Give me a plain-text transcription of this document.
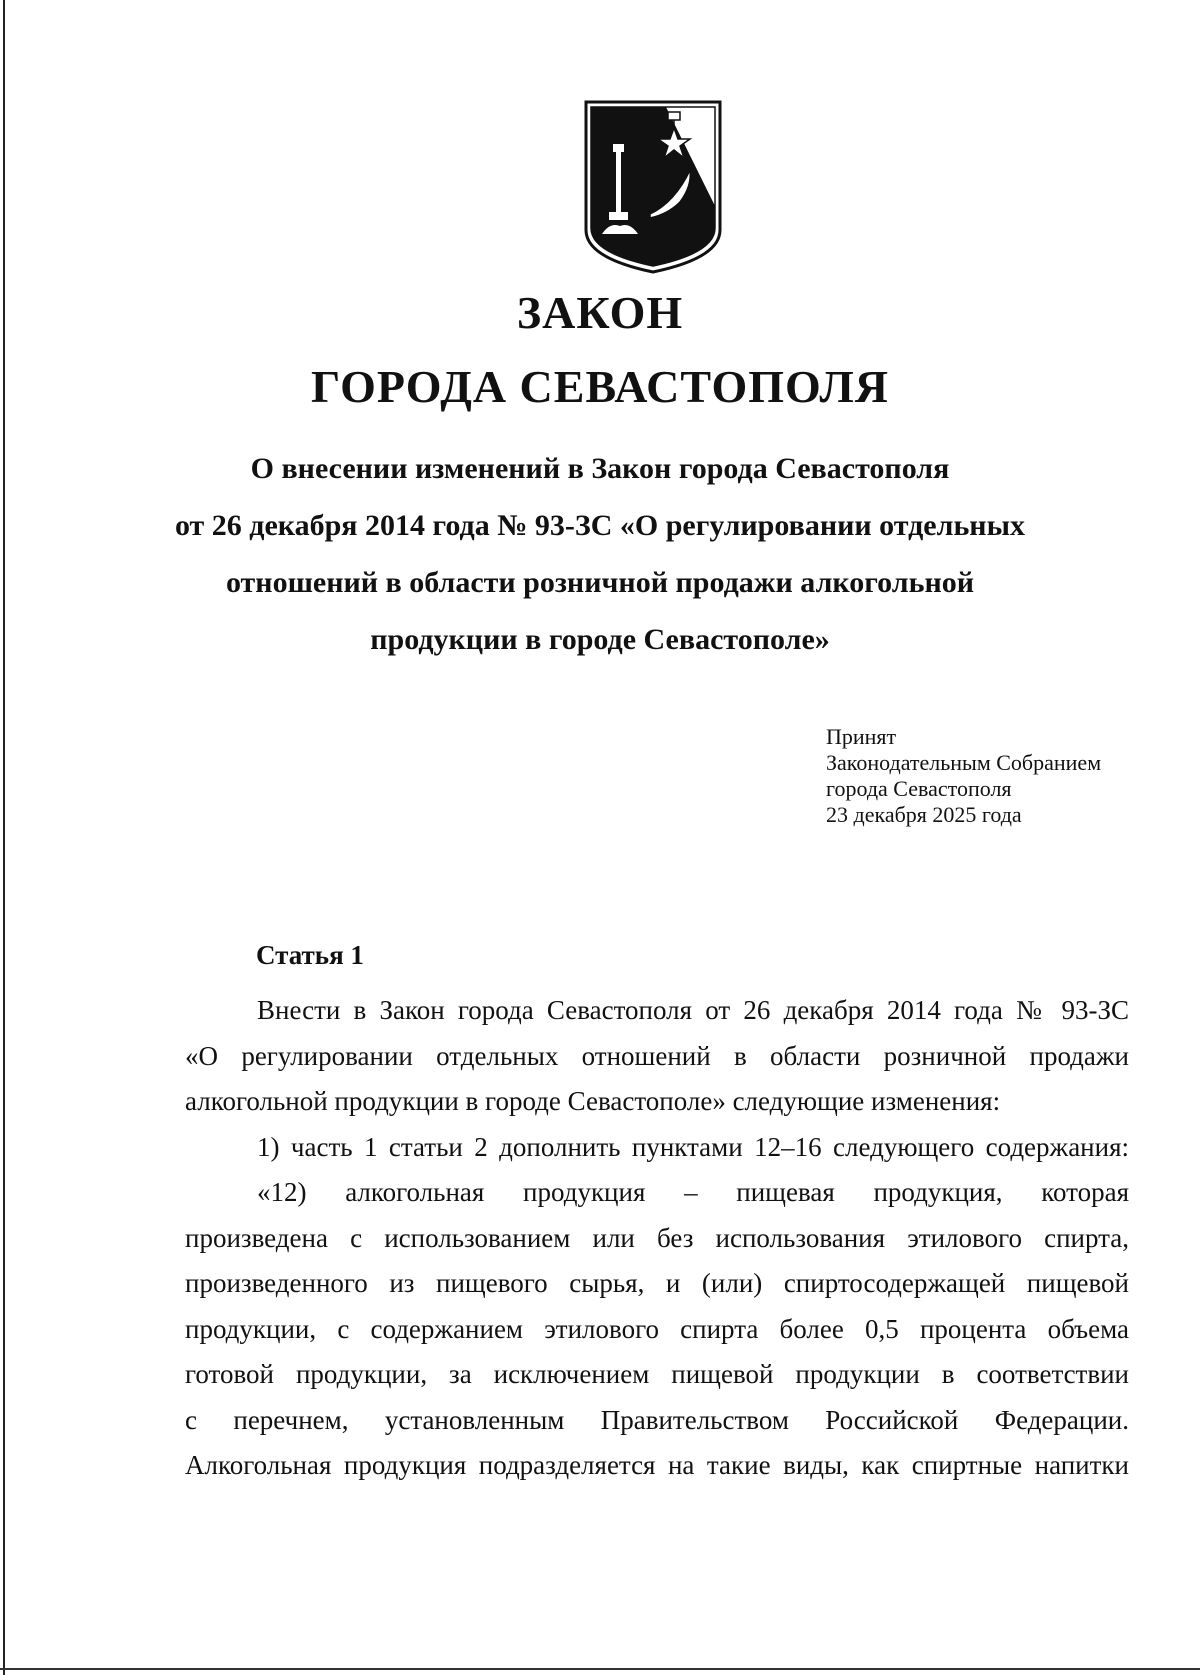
ЗАКОН
ГОРОДА СЕВАСТОПОЛЯ
О внесении изменений в Закон города Севастополя
от 26 декабря 2014 года № 93-ЗС «О регулировании отдельных
отношений в области розничной продажи алкогольной
продукции в городе Севастополе»
Принят
Законодательным Собранием
города Севастополя
23 декабря 2025 года
Статья 1
Внести в Закон города Севастополя от 26 декабря 2014 года № 93-ЗС
«О регулировании отдельных отношений в области розничной продажи
алкогольной продукции в городе Севастополе» следующие изменения:
1) часть 1 статьи 2 дополнить пунктами 12–16 следующего содержания:
«12) алкогольная продукция – пищевая продукция, которая
произведена с использованием или без использования этилового спирта,
произведенного из пищевого сырья, и (или) спиртосодержащей пищевой
продукции, с содержанием этилового спирта более 0,5 процента объема
готовой продукции, за исключением пищевой продукции в соответствии
с перечнем, установленным Правительством Российской Федерации.
Алкогольная продукция подразделяется на такие виды, как спиртные напитки
